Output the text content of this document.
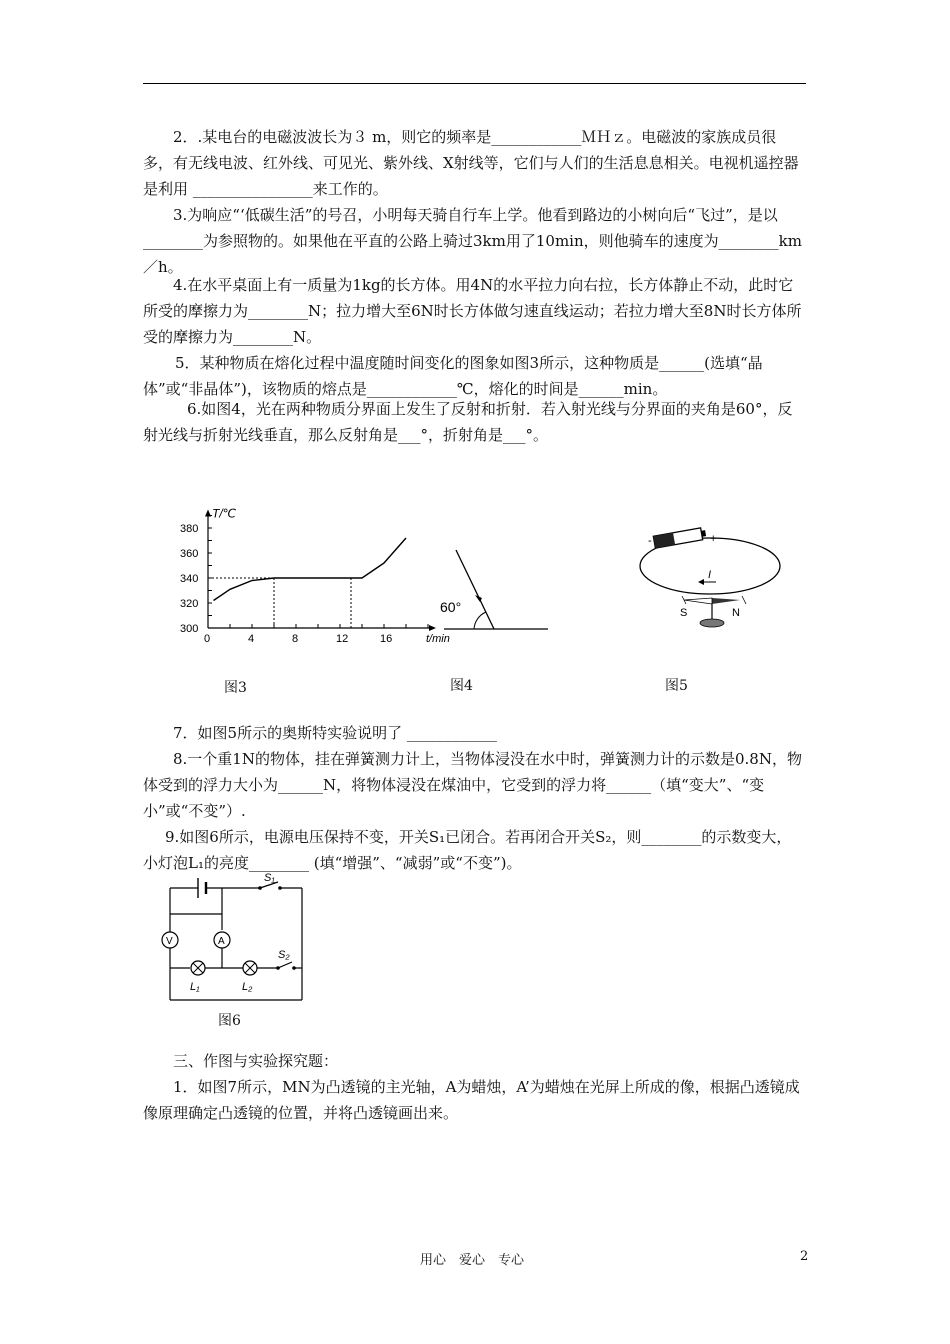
2．.某电台的电磁波波长为３ m，则它的频率是____________ＭＨｚ。电磁波的家族成员很多，有无线电波、红外线、可见光、紫外线、X射线等，它们与人们的生活息息相关。电视机遥控器是利用 ________________来工作的。

3.为响应“‘低碳生活”的号召，小明每天骑自行车上学。他看到路边的小树向后“飞过”，是以________为参照物的。如果他在平直的公路上骑过3km用了10min，则他骑车的速度为________km／h。

4.在水平桌面上有一质量为1kg的长方体。用4N的水平拉力向右拉，长方体静止不动，此时它所受的摩擦力为________N；拉力增大至6N时长方体做匀速直线运动；若拉力增大至8N时长方体所受的摩擦力为________N。

5．某种物质在熔化过程中温度随时间变化的图象如图3所示，这种物质是______(选填“晶体”或“非晶体”)，该物质的熔点是____________℃，熔化的时间是______min。

6.如图4，光在两种物质分界面上发生了反射和折射．若入射光线与分界面的夹角是60°，反射光线与折射光线垂直，那么反射角是___°，折射角是___°。

0	4	8	12	16
300
320
340
360
380
T/℃
t/min
图3
60°
图4
-	+
I
S	N
图5

7．如图5所示的奥斯特实验说明了 ____________

8.一个重1N的物体，挂在弹簧测力计上，当物体浸没在水中时，弹簧测力计的示数是0.8N，物体受到的浮力大小为______N，将物体浸没在煤油中，它受到的浮力将______（填“变大”、“变小”或“不变”）.

9.如图6所示，电源电压保持不变，开关S₁已闭合。若再闭合开关S₂，则________的示数变大，小灯泡L₁的亮度________ (填“增强”、“减弱”或“不变”)。

S₁
A
V
S₂
L₁	L₂
图6

三、作图与实验探究题：

1．如图7所示，MN为凸透镜的主光轴，A为蜡烛，A’为蜡烛在光屏上所成的像，根据凸透镜成像原理确定凸透镜的位置，并将凸透镜画出来。

用心　爱心　专心	2
